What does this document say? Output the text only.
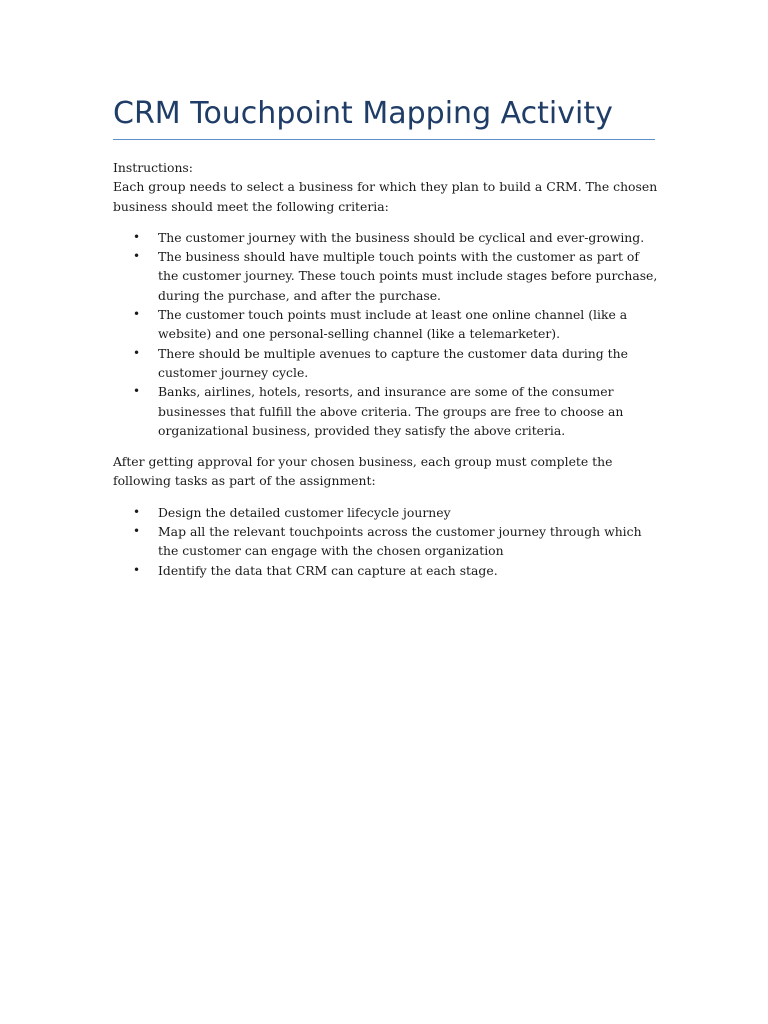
CRM Touchpoint Mapping Activity

Instructions:

Each group needs to select a business for which they plan to build a CRM. The chosen business should meet the following criteria:

• The customer journey with the business should be cyclical and ever-growing.
• The business should have multiple touch points with the customer as part of the customer journey. These touch points must include stages before purchase, during the purchase, and after the purchase.
• The customer touch points must include at least one online channel (like a website) and one personal-selling channel (like a telemarketer).
• There should be multiple avenues to capture the customer data during the customer journey cycle.
• Banks, airlines, hotels, resorts, and insurance are some of the consumer businesses that fulfill the above criteria. The groups are free to choose an organizational business, provided they satisfy the above criteria.

After getting approval for your chosen business, each group must complete the following tasks as part of the assignment:

• Design the detailed customer lifecycle journey
• Map all the relevant touchpoints across the customer journey through which the customer can engage with the chosen organization
• Identify the data that CRM can capture at each stage.
